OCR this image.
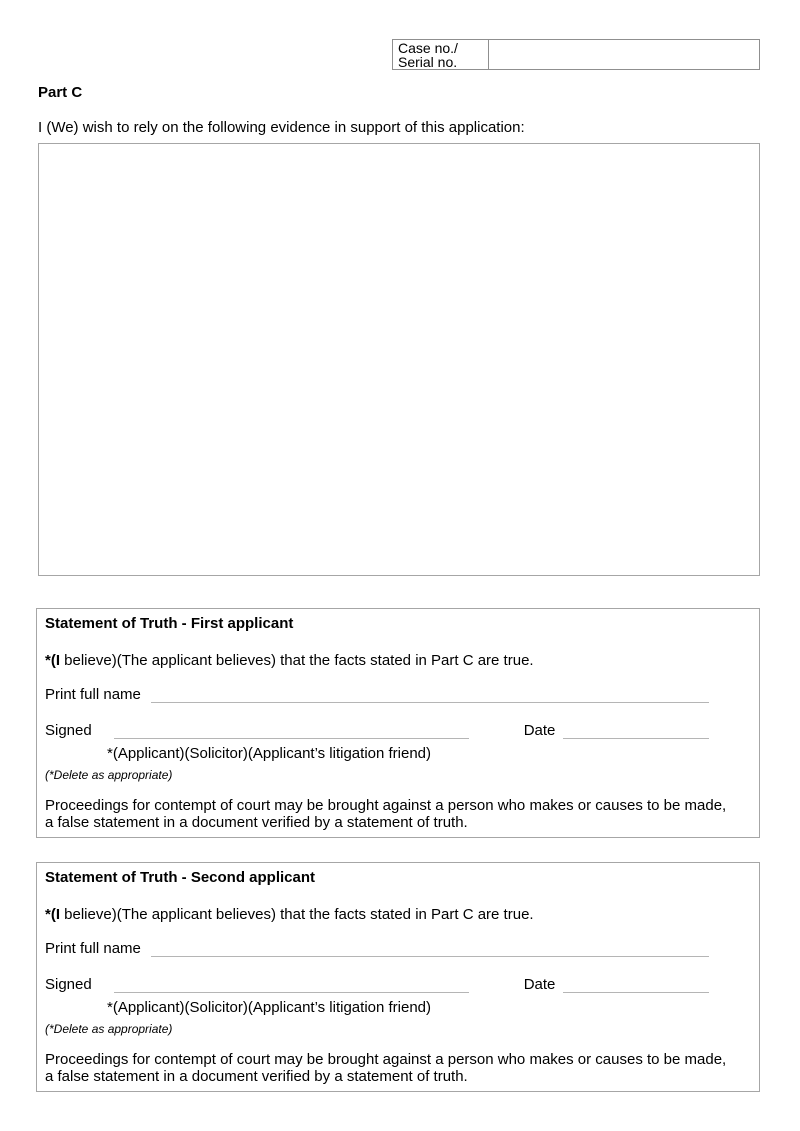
Case no./
Serial no.
Part C
I (We) wish to rely on the following evidence in support of this application:
Statement of Truth - First applicant
*(I believe)(The applicant believes) that the facts stated in Part C are true.
Print full name
Signed	Date
*(Applicant)(Solicitor)(Applicant’s litigation friend)
(*Delete as appropriate)
Proceedings for contempt of court may be brought against a person who makes or causes to be made,
a false statement in a document verified by a statement of truth.
Statement of Truth - Second applicant
*(I believe)(The applicant believes) that the facts stated in Part C are true.
Print full name
Signed	Date
*(Applicant)(Solicitor)(Applicant’s litigation friend)
(*Delete as appropriate)
Proceedings for contempt of court may be brought against a person who makes or causes to be made,
a false statement in a document verified by a statement of truth.
